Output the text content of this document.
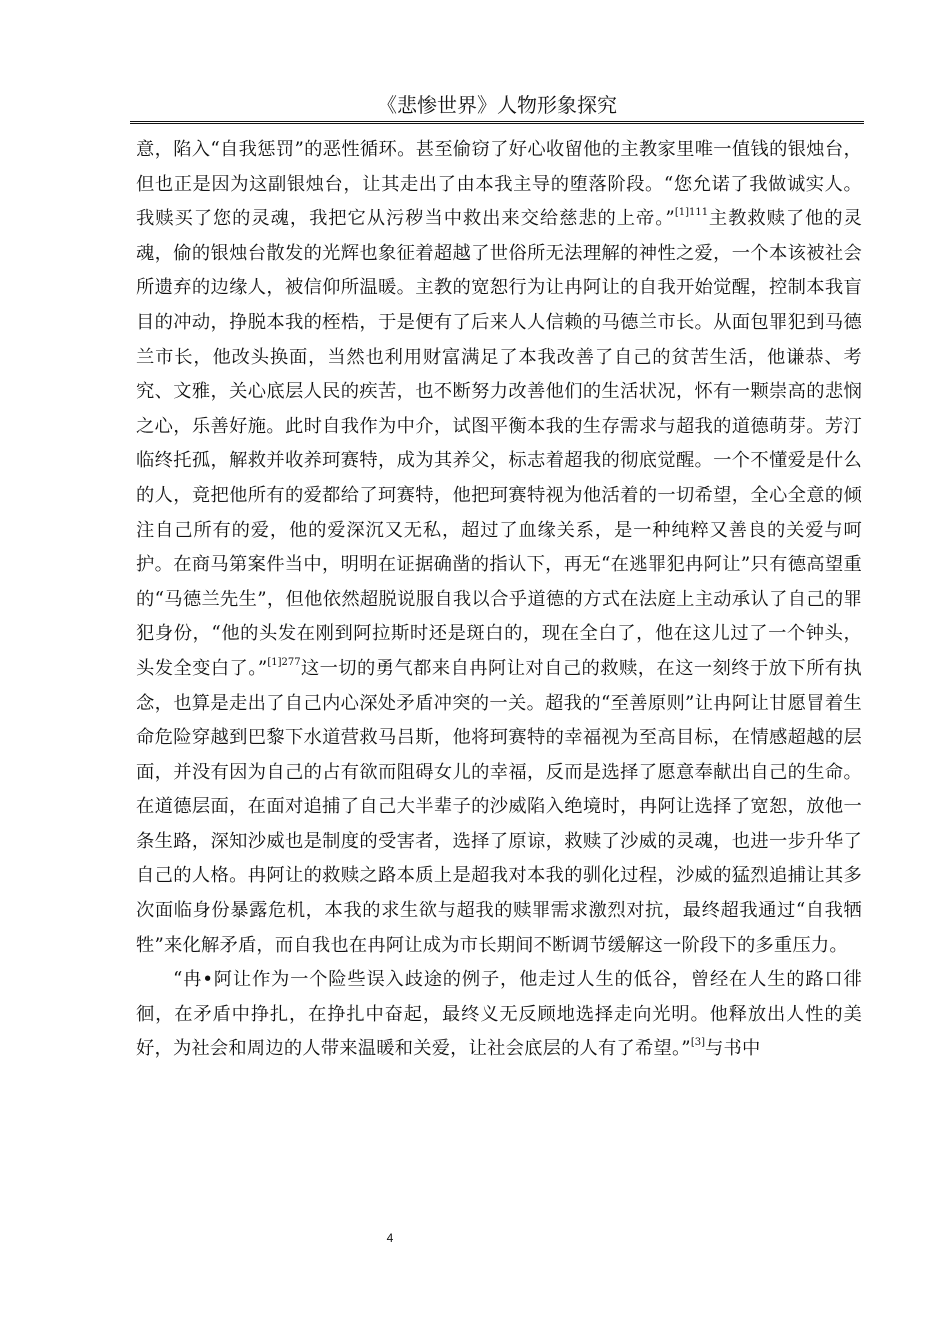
《悲惨世界》人物形象探究

意，陷入“自我惩罚”的恶性循环。甚至偷窃了好心收留他的主教家里唯一值钱的银烛台，但也正是因为这副银烛台，让其走出了由本我主导的堕落阶段。“您允诺了我做诚实人。我赎买了您的灵魂，我把它从污秽当中救出来交给慈悲的上帝。”$^{[1]111}$主教救赎了他的灵魂，偷的银烛台散发的光辉也象征着超越了世俗所无法理解的神性之爱，一个本该被社会所遗弃的边缘人，被信仰所温暖。主教的宽恕行为让冉阿让的自我开始觉醒，控制本我盲目的冲动，挣脱本我的桎梏，于是便有了后来人人信赖的马德兰市长。从面包罪犯到马德兰市长，他改头换面，当然也利用财富满足了本我改善了自己的贫苦生活，他谦恭、考究、文雅，关心底层人民的疾苦，也不断努力改善他们的生活状况，怀有一颗崇高的悲悯之心，乐善好施。此时自我作为中介，试图平衡本我的生存需求与超我的道德萌芽。芳汀临终托孤，解救并收养珂赛特，成为其养父，标志着超我的彻底觉醒。一个不懂爱是什么的人，竟把他所有的爱都给了珂赛特，他把珂赛特视为他活着的一切希望，全心全意的倾注自己所有的爱，他的爱深沉又无私，超过了血缘关系，是一种纯粹又善良的关爱与呵护。在商马第案件当中，明明在证据确凿的指认下，再无“在逃罪犯冉阿让”只有德高望重的“马德兰先生”，但他依然超脱说服自我以合乎道德的方式在法庭上主动承认了自己的罪犯身份，“他的头发在刚到阿拉斯时还是斑白的，现在全白了，他在这儿过了一个钟头，头发全变白了。”$^{[1]277}$这一切的勇气都来自冉阿让对自己的救赎，在这一刻终于放下所有执念，也算是走出了自己内心深处矛盾冲突的一关。超我的“至善原则”让冉阿让甘愿冒着生命危险穿越到巴黎下水道营救马吕斯，他将珂赛特的幸福视为至高目标，在情感超越的层面，并没有因为自己的占有欲而阻碍女儿的幸福，反而是选择了愿意奉献出自己的生命。在道德层面，在面对追捕了自己大半辈子的沙威陷入绝境时，冉阿让选择了宽恕，放他一条生路，深知沙威也是制度的受害者，选择了原谅，救赎了沙威的灵魂，也进一步升华了自己的人格。冉阿让的救赎之路本质上是超我对本我的驯化过程，沙威的猛烈追捕让其多次面临身份暴露危机，本我的求生欲与超我的赎罪需求激烈对抗，最终超我通过“自我牺牲”来化解矛盾，而自我也在冉阿让成为市长期间不断调节缓解这一阶段下的多重压力。

“冉•阿让作为一个险些误入歧途的例子，他走过人生的低谷，曾经在人生的路口徘徊，在矛盾中挣扎，在挣扎中奋起，最终义无反顾地选择走向光明。他释放出人性的美好，为社会和周边的人带来温暖和关爱，让社会底层的人有了希望。”[3]与书中

4
